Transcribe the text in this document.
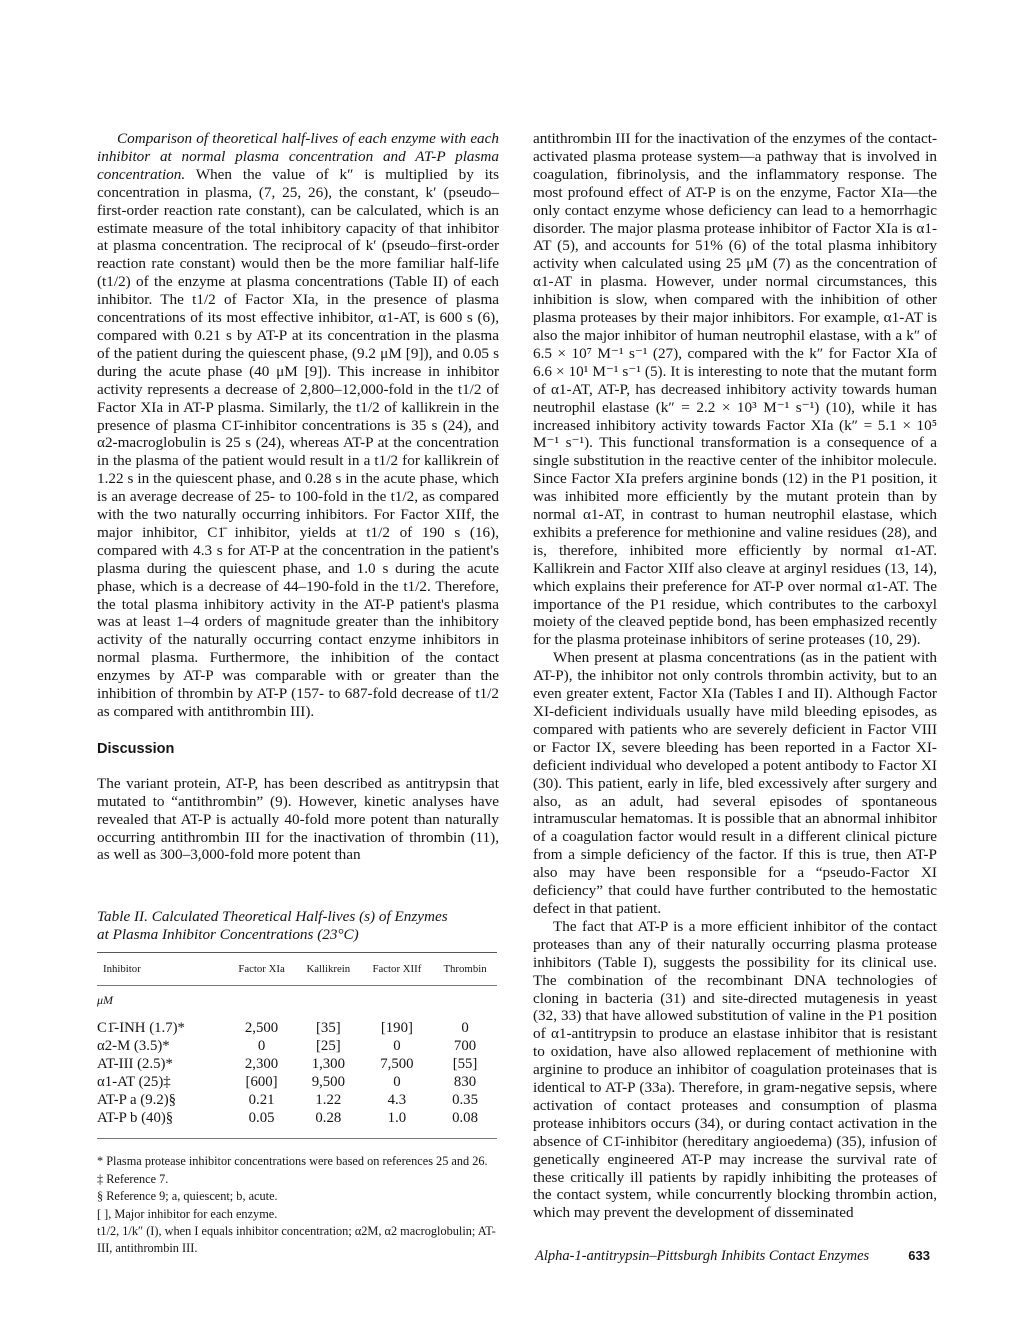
Comparison of theoretical half-lives of each enzyme with each inhibitor at normal plasma concentration and AT-P plasma concentration. When the value of k″ is multiplied by its concentration in plasma, (7, 25, 26), the constant, k′ (pseudo–first-order reaction rate constant), can be calculated, which is an estimate measure of the total inhibitory capacity of that inhibitor at plasma concentration. The reciprocal of k′ (pseudo–first-order reaction rate constant) would then be the more familiar half-life (t1/2) of the enzyme at plasma concentrations (Table II) of each inhibitor. The t1/2 of Factor XIa, in the presence of plasma concentrations of its most effective inhibitor, α1-AT, is 600 s (6), compared with 0.21 s by AT-P at its concentration in the plasma of the patient during the quiescent phase, (9.2 μM [9]), and 0.05 s during the acute phase (40 μM [9]). This increase in inhibitor activity represents a decrease of 2,800–12,000-fold in the t1/2 of Factor XIa in AT-P plasma. Similarly, the t1/2 of kallikrein in the presence of plasma C1̄-inhibitor concentrations is 35 s (24), and α2-macroglobulin is 25 s (24), whereas AT-P at the concentration in the plasma of the patient would result in a t1/2 for kallikrein of 1.22 s in the quiescent phase, and 0.28 s in the acute phase, which is an average decrease of 25- to 100-fold in the t1/2, as compared with the two naturally occurring inhibitors. For Factor XIIf, the major inhibitor, C1̄ inhibitor, yields at t1/2 of 190 s (16), compared with 4.3 s for AT-P at the concentration in the patient's plasma during the quiescent phase, and 1.0 s during the acute phase, which is a decrease of 44–190-fold in the t1/2. Therefore, the total plasma inhibitory activity in the AT-P patient's plasma was at least 1–4 orders of magnitude greater than the inhibitory activity of the naturally occurring contact enzyme inhibitors in normal plasma. Furthermore, the inhibition of the contact enzymes by AT-P was comparable with or greater than the inhibition of thrombin by AT-P (157- to 687-fold decrease of t1/2 as compared with antithrombin III).

Discussion

The variant protein, AT-P, has been described as antitrypsin that mutated to “antithrombin” (9). However, kinetic analyses have revealed that AT-P is actually 40-fold more potent than naturally occurring antithrombin III for the inactivation of thrombin (11), as well as 300–3,000-fold more potent than

Table II. Calculated Theoretical Half-lives (s) of Enzymes
at Plasma Inhibitor Concentrations (23°C)
Inhibitor	Factor XIa	Kallikrein	Factor XIIf	Thrombin
μM				
C1̄-INH (1.7)*	2,500	[35]	[190]	0
α2-M (3.5)*	0	[25]	0	700
AT-III (2.5)*	2,300	1,300	7,500	[55]
α1-AT (25)‡	[600]	9,500	0	830
AT-P a (9.2)§	0.21	1.22	4.3	0.35
AT-P b (40)§	0.05	0.28	1.0	0.08

* Plasma protease inhibitor concentrations were based on references 25 and 26.

‡ Reference 7.

§ Reference 9; a, quiescent; b, acute.

[ ], Major inhibitor for each enzyme.

t1/2, 1/k″ (I), when I equals inhibitor concentration; α2M, α2 macroglobulin; AT-III, antithrombin III.

antithrombin III for the inactivation of the enzymes of the contact-activated plasma protease system—a pathway that is involved in coagulation, fibrinolysis, and the inflammatory response. The most profound effect of AT-P is on the enzyme, Factor XIa—the only contact enzyme whose deficiency can lead to a hemorrhagic disorder. The major plasma protease inhibitor of Factor XIa is α1-AT (5), and accounts for 51% (6) of the total plasma inhibitory activity when calculated using 25 μM (7) as the concentration of α1-AT in plasma. However, under normal circumstances, this inhibition is slow, when compared with the inhibition of other plasma proteases by their major inhibitors. For example, α1-AT is also the major inhibitor of human neutrophil elastase, with a k″ of 6.5 × 10⁷ M⁻¹ s⁻¹ (27), compared with the k″ for Factor XIa of 6.6 × 10¹ M⁻¹ s⁻¹ (5). It is interesting to note that the mutant form of α1-AT, AT-P, has decreased inhibitory activity towards human neutrophil elastase (k″ = 2.2 × 10³ M⁻¹ s⁻¹) (10), while it has increased inhibitory activity towards Factor XIa (k″ = 5.1 × 10⁵ M⁻¹ s⁻¹). This functional transformation is a consequence of a single substitution in the reactive center of the inhibitor molecule. Since Factor XIa prefers arginine bonds (12) in the P1 position, it was inhibited more efficiently by the mutant protein than by normal α1-AT, in contrast to human neutrophil elastase, which exhibits a preference for methionine and valine residues (28), and is, therefore, inhibited more efficiently by normal α1-AT. Kallikrein and Factor XIIf also cleave at arginyl residues (13, 14), which explains their preference for AT-P over normal α1-AT. The importance of the P1 residue, which contributes to the carboxyl moiety of the cleaved peptide bond, has been emphasized recently for the plasma proteinase inhibitors of serine proteases (10, 29).

When present at plasma concentrations (as in the patient with AT-P), the inhibitor not only controls thrombin activity, but to an even greater extent, Factor XIa (Tables I and II). Although Factor XI-deficient individuals usually have mild bleeding episodes, as compared with patients who are severely deficient in Factor VIII or Factor IX, severe bleeding has been reported in a Factor XI-deficient individual who developed a potent antibody to Factor XI (30). This patient, early in life, bled excessively after surgery and also, as an adult, had several episodes of spontaneous intramuscular hematomas. It is possible that an abnormal inhibitor of a coagulation factor would result in a different clinical picture from a simple deficiency of the factor. If this is true, then AT-P also may have been responsible for a “pseudo-Factor XI deficiency” that could have further contributed to the hemostatic defect in that patient.

The fact that AT-P is a more efficient inhibitor of the contact proteases than any of their naturally occurring plasma protease inhibitors (Table I), suggests the possibility for its clinical use. The combination of the recombinant DNA technologies of cloning in bacteria (31) and site-directed mutagenesis in yeast (32, 33) that have allowed substitution of valine in the P1 position of α1-antitrypsin to produce an elastase inhibitor that is resistant to oxidation, have also allowed replacement of methionine with arginine to produce an inhibitor of coagulation proteinases that is identical to AT-P (33a). Therefore, in gram-negative sepsis, where activation of contact proteases and consumption of plasma protease inhibitors occurs (34), or during contact activation in the absence of C1̄-inhibitor (hereditary angioedema) (35), infusion of genetically engineered AT-P may increase the survival rate of these critically ill patients by rapidly inhibiting the proteases of the contact system, while concurrently blocking thrombin action, which may prevent the development of disseminated

Alpha-1-antitrypsin–Pittsburgh Inhibits Contact Enzymes	633
